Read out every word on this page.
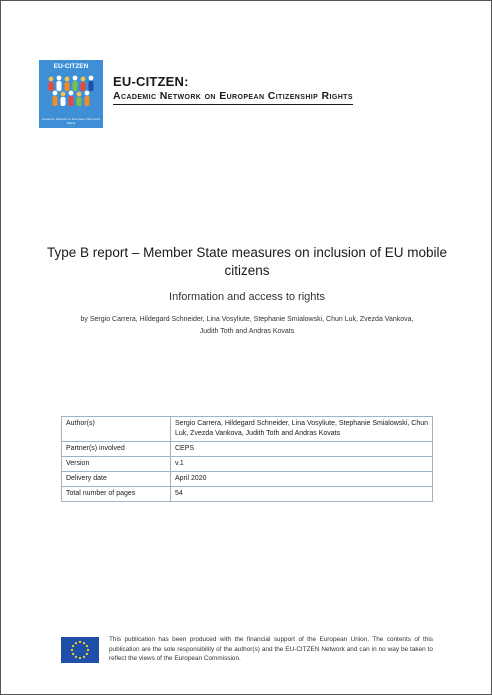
EU-CITZEN
Academic Network on European Citizenship Rights
EU-CITZEN:
Academic Network on European Citizenship Rights
Type B report – Member State measures on inclusion of EU mobile citizens
Information and access to rights
by Sergio Carrera, Hildegard Schneider, Lina Vosyliute, Stephanie Smialowski, Chun Luk, Zvezda Vankova, Judith Toth and Andras Kovats
Author(s)	Sergio Carrera, Hildegard Schneider, Lina Vosyliute, Stephanie Smialowski, Chun Luk, Zvezda Vankova, Judith Toth and Andras Kovats
Partner(s) involved	CEPS
Version	v.1
Delivery date	April 2020
Total number of pages	54
This publication has been produced with the financial support of the European Union. The contents of this publication are the sole responsibility of the author(s) and the EU-CITZEN Network and can in no way be taken to reflect the views of the European Commission.
